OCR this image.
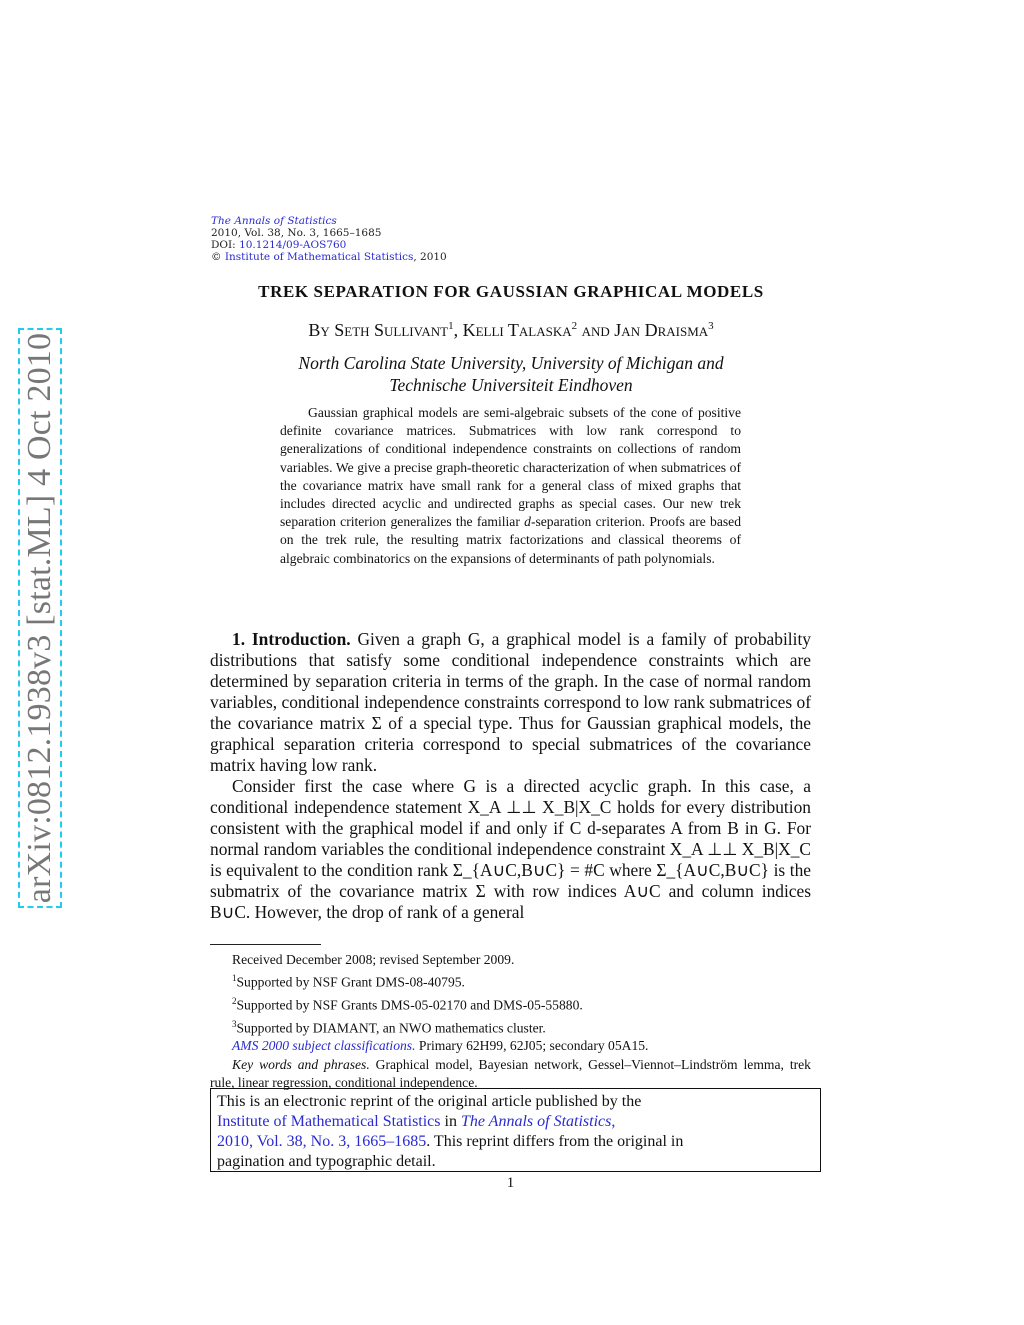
arXiv:0812.1938v3 [stat.ML] 4 Oct 2010
The Annals of Statistics
2010, Vol. 38, No. 3, 1665–1685
DOI: 10.1214/09-AOS760
© Institute of Mathematical Statistics, 2010
TREK SEPARATION FOR GAUSSIAN GRAPHICAL MODELS
By Seth Sullivant$^1$, Kelli Talaska$^2$ and Jan Draisma$^3$
North Carolina State University, University of Michigan and
Technische Universiteit Eindhoven

Gaussian graphical models are semi-algebraic subsets of the cone of positive definite covariance matrices. Submatrices with low rank correspond to generalizations of conditional independence constraints on collections of random variables. We give a precise graph-theoretic characterization of when submatrices of the covariance matrix have small rank for a general class of mixed graphs that includes directed acyclic and undirected graphs as special cases. Our new trek separation criterion generalizes the familiar d-separation criterion. Proofs are based on the trek rule, the resulting matrix factorizations and classical theorems of algebraic combinatorics on the expansions of determinants of path polynomials.

1. Introduction. Given a graph G, a graphical model is a family of probability distributions that satisfy some conditional independence constraints which are determined by separation criteria in terms of the graph. In the case of normal random variables, conditional independence constraints correspond to low rank submatrices of the covariance matrix Σ of a special type. Thus for Gaussian graphical models, the graphical separation criteria correspond to special submatrices of the covariance matrix having low rank.

Consider first the case where G is a directed acyclic graph. In this case, a conditional independence statement X_A ⊥⊥ X_B|X_C holds for every distribution consistent with the graphical model if and only if C d-separates A from B in G. For normal random variables the conditional independence constraint X_A ⊥⊥ X_B|X_C is equivalent to the condition rank Σ_{A∪C,B∪C} = #C where Σ_{A∪C,B∪C} is the submatrix of the covariance matrix Σ with row indices A∪C and column indices B∪C. However, the drop of rank of a general

Received December 2008; revised September 2009.

$^1$Supported by NSF Grant DMS-08-40795.

$^2$Supported by NSF Grants DMS-05-02170 and DMS-05-55880.

$^3$Supported by DIAMANT, an NWO mathematics cluster.

AMS 2000 subject classifications. Primary 62H99, 62J05; secondary 05A15.

Key words and phrases. Graphical model, Bayesian network, Gessel–Viennot–Lindström lemma, trek rule, linear regression, conditional independence.

This is an electronic reprint of the original article published by the
Institute of Mathematical Statistics in The Annals of Statistics,
2010, Vol. 38, No. 3, 1665–1685. This reprint differs from the original in
pagination and typographic detail.
1
